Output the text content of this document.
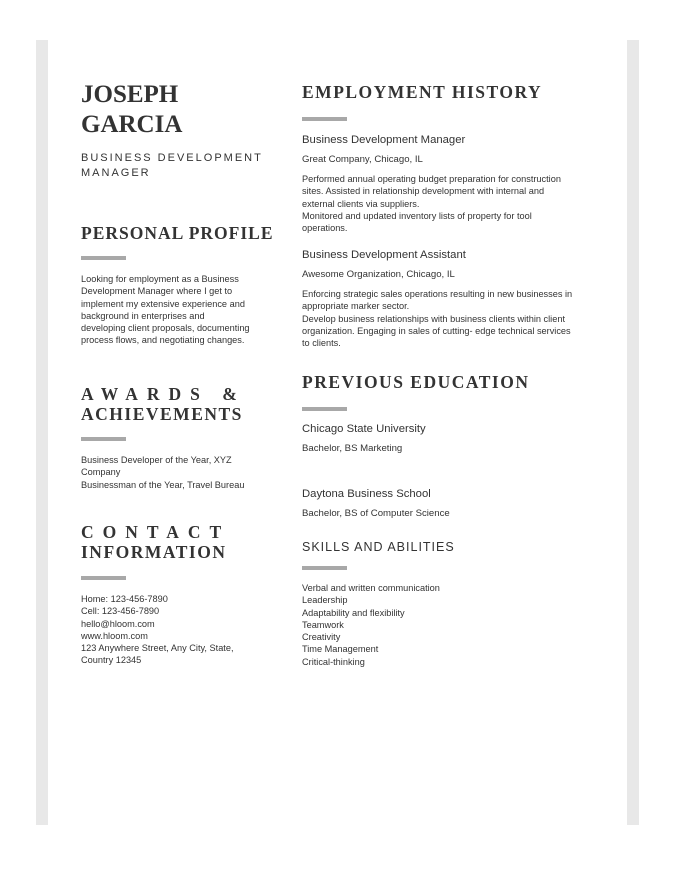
JOSEPH
GARCIA
BUSINESS DEVELOPMENT
MANAGER
PERSONAL PROFILE

Looking for employment as a Business

Development Manager where I get to

implement my extensive experience and

background in enterprises and

developing client proposals, documenting

process flows, and negotiating changes.

AWARDS &
ACHIEVEMENTS

Business Developer of the Year, XYZ

Company

Businessman of the Year, Travel Bureau

CONTACT
INFORMATION

Home: 123-456-7890

Cell: 123-456-7890

hello@hloom.com

www.hloom.com

123 Anywhere Street, Any City, State,

Country 12345

EMPLOYMENT HISTORY
Business Development Manager
Great Company, Chicago, IL

Performed annual operating budget preparation for construction

sites. Assisted in relationship development with internal and

external clients via suppliers.

Monitored and updated inventory lists of property for tool

operations.

Business Development Assistant
Awesome Organization, Chicago, IL

Enforcing strategic sales operations resulting in new businesses in

appropriate marker sector.

Develop business relationships with business clients within client

organization. Engaging in sales of cutting- edge technical services

to clients.

PREVIOUS EDUCATION
Chicago State University
Bachelor, BS Marketing
Daytona Business School
Bachelor, BS of Computer Science
SKILLS AND ABILITIES

Verbal and written communication

Leadership

Adaptability and flexibility

Teamwork

Creativity

Time Management

Critical-thinking
